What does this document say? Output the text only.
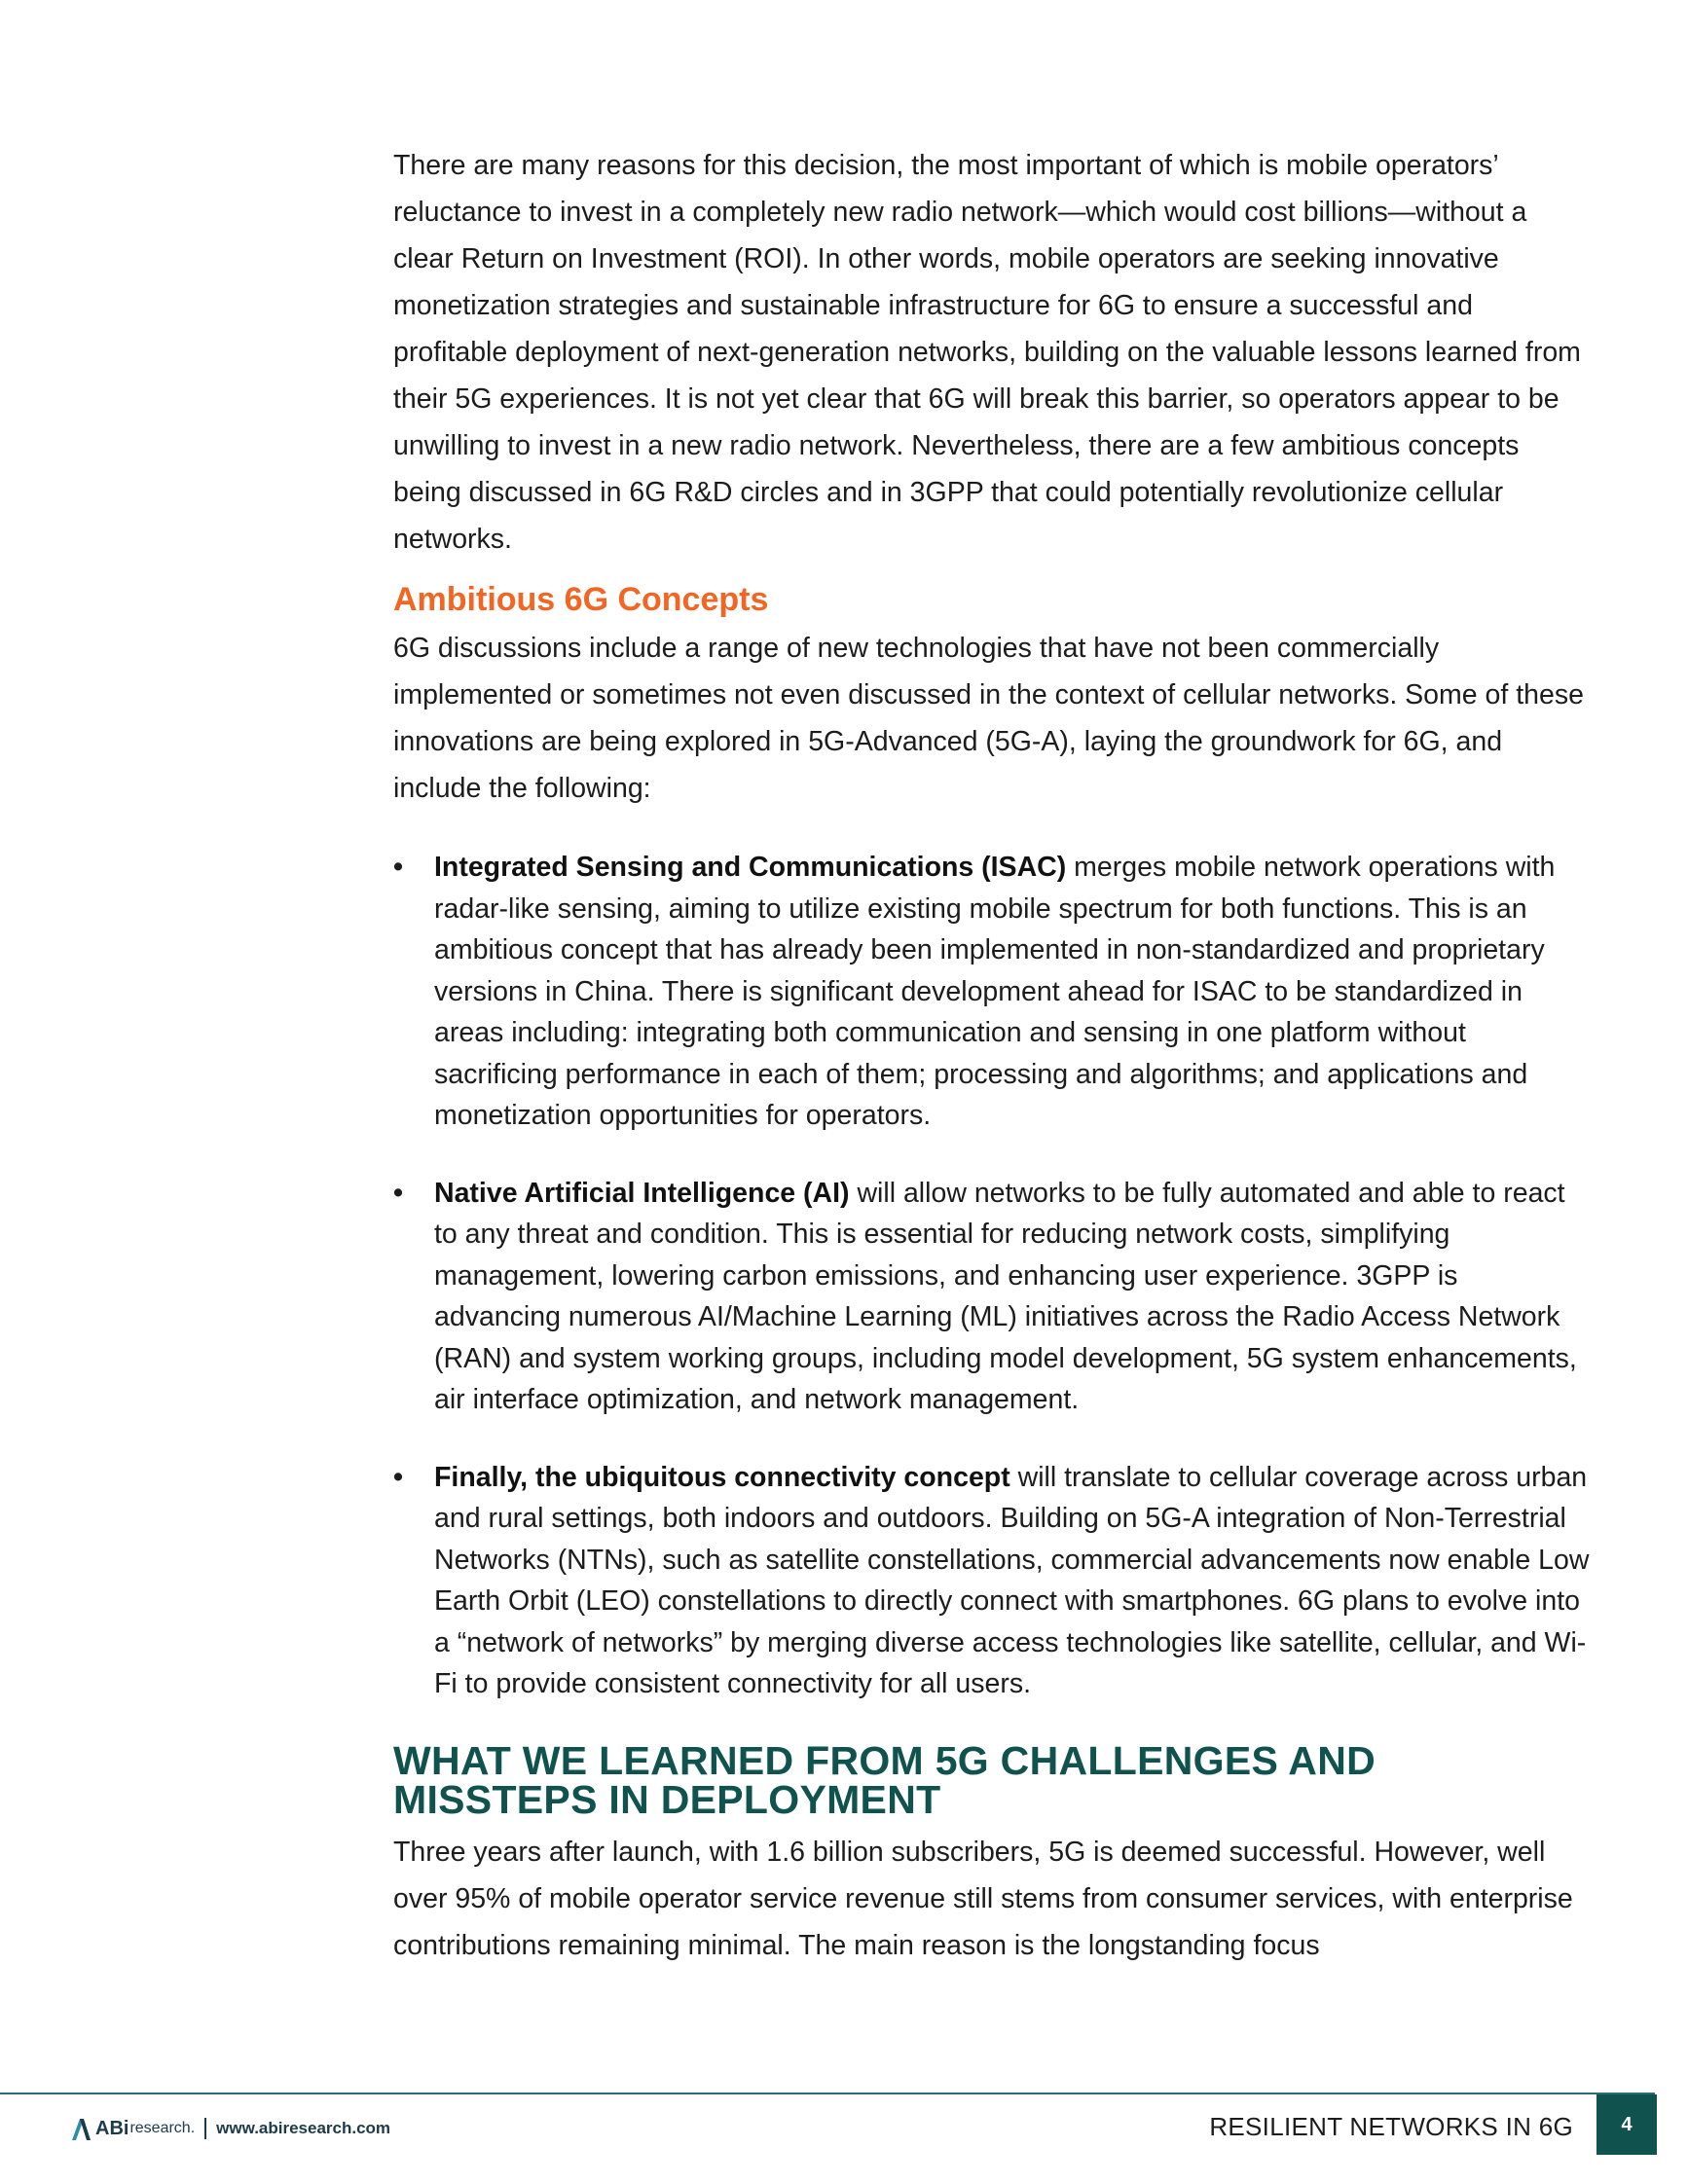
There are many reasons for this decision, the most important of which is mobile operators’ reluctance to invest in a completely new radio network—which would cost billions—without a clear Return on Investment (ROI). In other words, mobile operators are seeking innovative monetization strategies and sustainable infrastructure for 6G to ensure a successful and profitable deployment of next-generation networks, building on the valuable lessons learned from their 5G experiences. It is not yet clear that 6G will break this barrier, so operators appear to be unwilling to invest in a new radio network. Nevertheless, there are a few ambitious concepts being discussed in 6G R&D circles and in 3GPP that could potentially revolutionize cellular networks.

Ambitious 6G Concepts

6G discussions include a range of new technologies that have not been commercially implemented or sometimes not even discussed in the context of cellular networks. Some of these innovations are being explored in 5G-Advanced (5G-A), laying the groundwork for 6G, and include the following:

• Integrated Sensing and Communications (ISAC) merges mobile network operations with radar-like sensing, aiming to utilize existing mobile spectrum for both functions. This is an ambitious concept that has already been implemented in non-standardized and proprietary versions in China. There is significant development ahead for ISAC to be standardized in areas including: integrating both communication and sensing in one platform without sacrificing performance in each of them; processing and algorithms; and applications and monetization opportunities for operators.
• Native Artificial Intelligence (AI) will allow networks to be fully automated and able to react to any threat and condition. This is essential for reducing network costs, simplifying management, lowering carbon emissions, and enhancing user experience. 3GPP is advancing numerous AI/Machine Learning (ML) initiatives across the Radio Access Network (RAN) and system working groups, including model development, 5G system enhancements, air interface optimization, and network management.
• Finally, the ubiquitous connectivity concept will translate to cellular coverage across urban and rural settings, both indoors and outdoors. Building on 5G-A integration of Non-Terrestrial Networks (NTNs), such as satellite constellations, commercial advancements now enable Low Earth Orbit (LEO) constellations to directly connect with smartphones. 6G plans to evolve into a “network of networks” by merging diverse access technologies like satellite, cellular, and Wi-Fi to provide consistent connectivity for all users.
WHAT WE LEARNED FROM 5G CHALLENGES AND MISSTEPS IN DEPLOYMENT

Three years after launch, with 1.6 billion subscribers, 5G is deemed successful. However, well over 95% of mobile operator service revenue still stems from consumer services, with enterprise contributions remaining minimal. The main reason is the longstanding focus

ABi research. www.abiresearch.com	RESILIENT NETWORKS IN 6G	4
